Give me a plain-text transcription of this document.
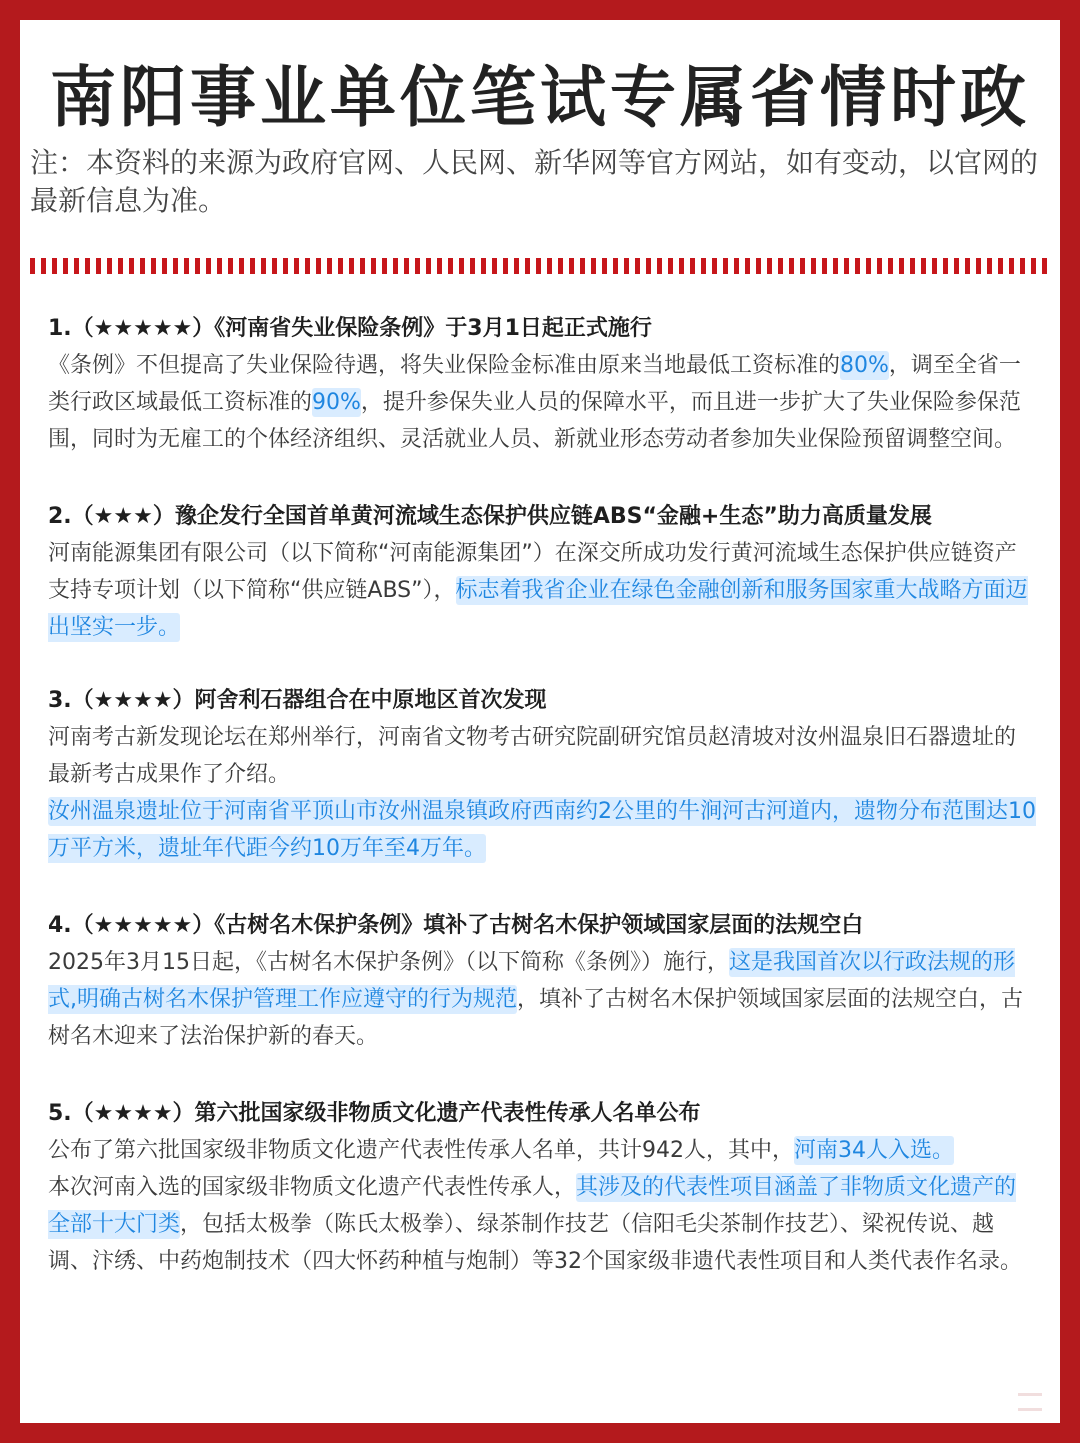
南阳事业单位笔试专属省情时政
注：本资料的来源为政府官网、人民网、新华网等官方网站，如有变动，以官网的最新信息为准。
1.（★★★★★）《河南省失业保险条例》于3月1日起正式施行
《条例》不但提高了失业保险待遇，将失业保险金标准由原来当地最低工资标准的80%，调至全省一类行政区域最低工资标准的90%，提升参保失业人员的保障水平，而且进一步扩大了失业保险参保范围，同时为无雇工的个体经济组织、灵活就业人员、新就业形态劳动者参加失业保险预留调整空间。
2.（★★★）豫企发行全国首单黄河流域生态保护供应链ABS“金融+生态”助力高质量发展
河南能源集团有限公司（以下简称“河南能源集团”）在深交所成功发行黄河流域生态保护供应链资产支持专项计划（以下简称“供应链ABS”），标志着我省企业在绿色金融创新和服务国家重大战略方面迈出坚实一步。
3.（★★★★）阿舍利石器组合在中原地区首次发现
河南考古新发现论坛在郑州举行，河南省文物考古研究院副研究馆员赵清坡对汝州温泉旧石器遗址的最新考古成果作了介绍。
汝州温泉遗址位于河南省平顶山市汝州温泉镇政府西南约2公里的牛涧河古河道内，遗物分布范围达10万平方米，遗址年代距今约10万年至4万年。
4.（★★★★★）《古树名木保护条例》填补了古树名木保护领域国家层面的法规空白
2025年3月15日起，《古树名木保护条例》（以下简称《条例》）施行，这是我国首次以行政法规的形式,明确古树名木保护管理工作应遵守的行为规范，填补了古树名木保护领域国家层面的法规空白，古树名木迎来了法治保护新的春天。
5.（★★★★）第六批国家级非物质文化遗产代表性传承人名单公布
公布了第六批国家级非物质文化遗产代表性传承人名单，共计942人，其中，河南34人入选。
本次河南入选的国家级非物质文化遗产代表性传承人，其涉及的代表性项目涵盖了非物质文化遗产的全部十大门类，包括太极拳（陈氏太极拳）、绿茶制作技艺（信阳毛尖茶制作技艺）、梁祝传说、越调、汴绣、中药炮制技术（四大怀药种植与炮制）等32个国家级非遗代表性项目和人类代表作名录。
